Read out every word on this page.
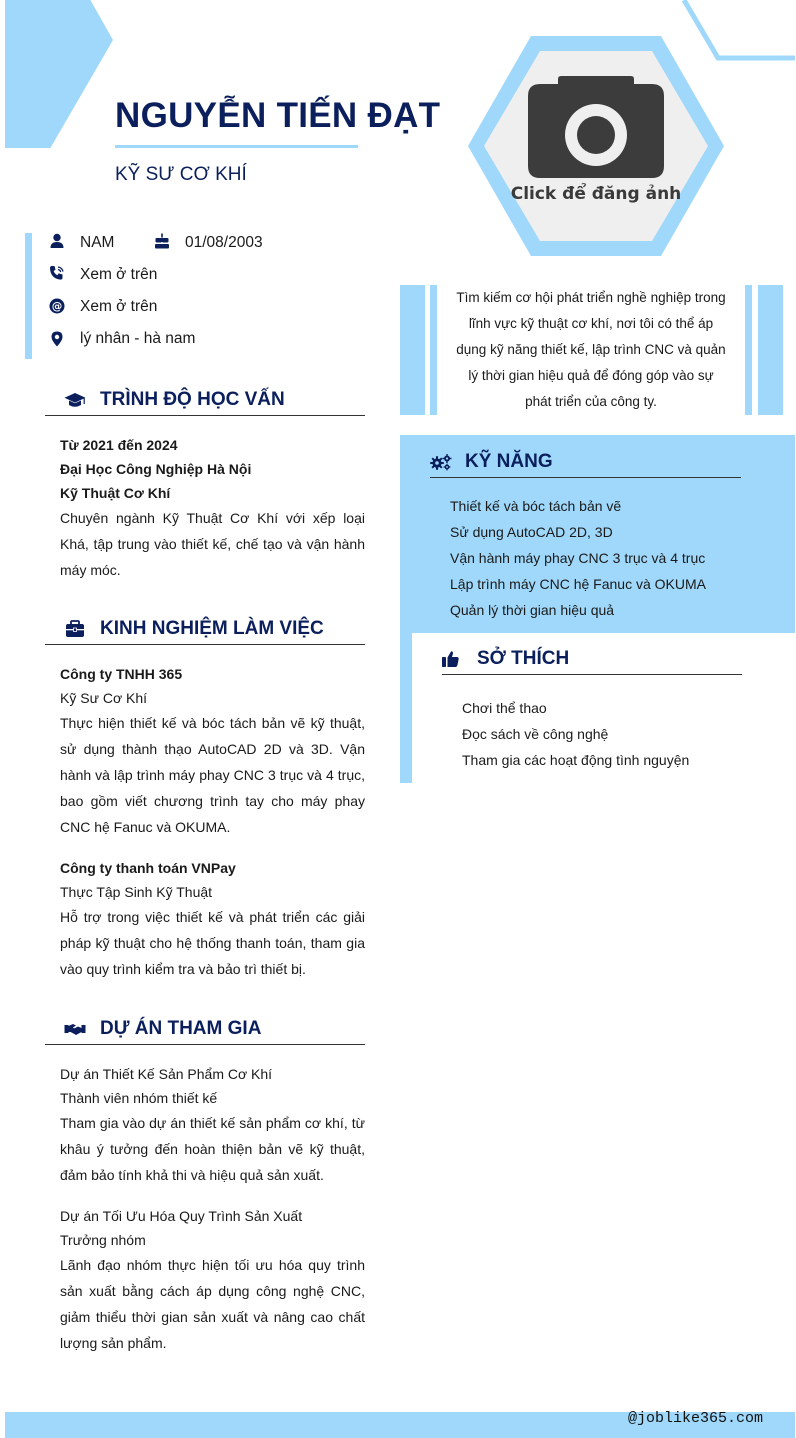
NGUYỄN TIẾN ĐẠT
KỸ SƯ CƠ KHÍ
Click để đăng ảnh
NAM	01/08/2003
Xem ở trên
@ Xem ở trên
lý nhân - hà nam
Tìm kiếm cơ hội phát triển nghề nghiệp trong lĩnh vực kỹ thuật cơ khí, nơi tôi có thể áp dụng kỹ năng thiết kế, lập trình CNC và quản lý thời gian hiệu quả để đóng góp vào sự phát triển của công ty.
TRÌNH ĐỘ HỌC VẤN
Từ 2021 đến 2024
Đại Học Công Nghiệp Hà Nội
Kỹ Thuật Cơ Khí
Chuyên ngành Kỹ Thuật Cơ Khí với xếp loại Khá, tập trung vào thiết kế, chế tạo và vận hành máy móc.
KINH NGHIỆM LÀM VIỆC
Công ty TNHH 365
Kỹ Sư Cơ Khí
Thực hiện thiết kế và bóc tách bản vẽ kỹ thuật, sử dụng thành thạo AutoCAD 2D và 3D. Vận hành và lập trình máy phay CNC 3 trục và 4 trục, bao gồm viết chương trình tay cho máy phay CNC hệ Fanuc và OKUMA.
Công ty thanh toán VNPay
Thực Tập Sinh Kỹ Thuật
Hỗ trợ trong việc thiết kế và phát triển các giải pháp kỹ thuật cho hệ thống thanh toán, tham gia vào quy trình kiểm tra và bảo trì thiết bị.
DỰ ÁN THAM GIA
Dự án Thiết Kế Sản Phẩm Cơ Khí
Thành viên nhóm thiết kế
Tham gia vào dự án thiết kế sản phẩm cơ khí, từ khâu ý tưởng đến hoàn thiện bản vẽ kỹ thuật, đảm bảo tính khả thi và hiệu quả sản xuất.
Dự án Tối Ưu Hóa Quy Trình Sản Xuất
Trưởng nhóm
Lãnh đạo nhóm thực hiện tối ưu hóa quy trình sản xuất bằng cách áp dụng công nghệ CNC, giảm thiểu thời gian sản xuất và nâng cao chất lượng sản phẩm.
KỸ NĂNG
Thiết kế và bóc tách bản vẽ
Sử dụng AutoCAD 2D, 3D
Vận hành máy phay CNC 3 trục và 4 trục
Lập trình máy CNC hệ Fanuc và OKUMA
Quản lý thời gian hiệu quả
SỞ THÍCH
Chơi thể thao
Đọc sách về công nghệ
Tham gia các hoạt động tình nguyện
@joblike365.com
